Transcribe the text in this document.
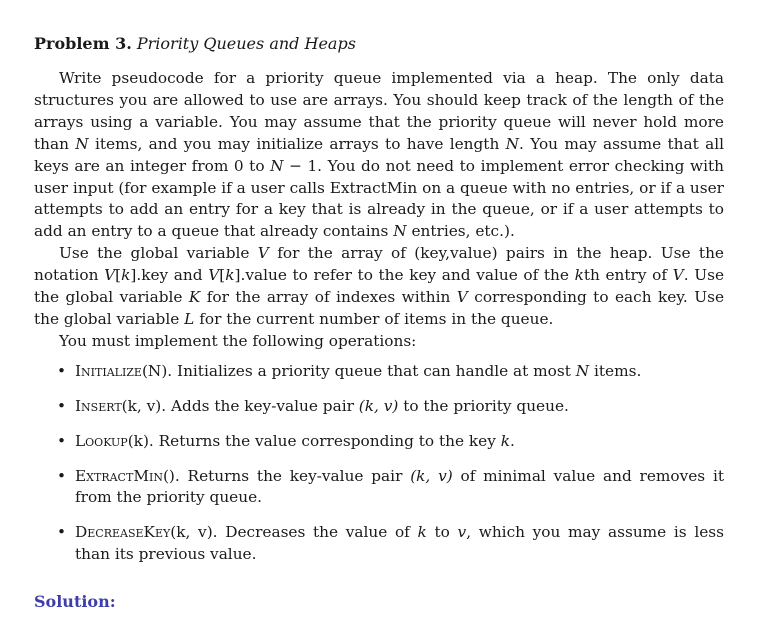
Problem 3. Priority Queues and Heaps

Write pseudocode for a priority queue implemented via a heap. The only data structures you are allowed to use are arrays. You should keep track of the length of the arrays using a variable. You may assume that the priority queue will never hold more than N items, and you may initialize arrays to have length N. You may assume that all keys are an integer from 0 to N − 1. You do not need to implement error checking with user input (for example if a user calls ExtractMin on a queue with no entries, or if a user attempts to add an entry for a key that is already in the queue, or if a user attempts to add an entry to a queue that already contains N entries, etc.).

Use the global variable V for the array of (key,value) pairs in the heap. Use the notation V[k].key and V[k].value to refer to the key and value of the kth entry of V. Use the global variable K for the array of indexes within V corresponding to each key. Use the global variable L for the current number of items in the queue.

You must implement the following operations:

• Initialize(N). Initializes a priority queue that can handle at most N items.
• Insert(k, v). Adds the key-value pair (k, v) to the priority queue.
• Lookup(k). Returns the value corresponding to the key k.
• ExtractMin(). Returns the key-value pair (k, v) of minimal value and removes it from the priority queue.
• DecreaseKey(k, v). Decreases the value of k to v, which you may assume is less than its previous value.
Solution:
